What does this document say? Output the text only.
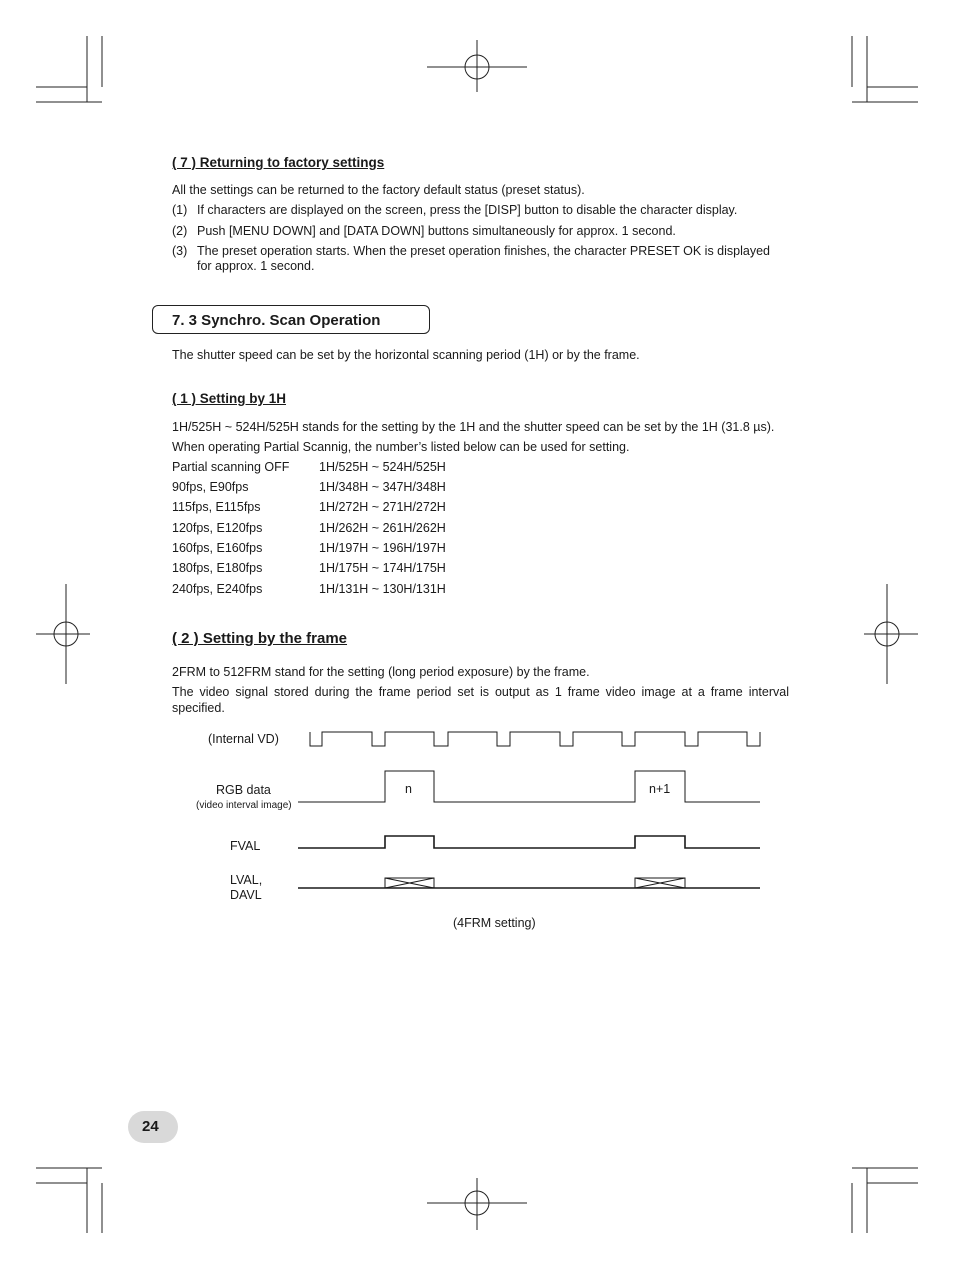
( 7 ) Returning to factory settings
All the settings can be returned to the factory default status (preset status).
(1) If characters are displayed on the screen, press the [DISP] button to disable the character display.
(2) Push [MENU DOWN] and [DATA DOWN] buttons simultaneously for approx. 1 second.
(3) The preset operation starts. When the preset operation finishes, the character PRESET OK is displayed
for approx. 1 second.
7. 3 Synchro. Scan Operation
The shutter speed can be set by the horizontal scanning period (1H) or by the frame.
( 1 ) Setting by 1H
1H/525H ~ 524H/525H stands for the setting by the 1H and the shutter speed can be set by the 1H (31.8 µs).
When operating Partial Scannig, the number’s listed below can be used for setting.
Partial scanning OFF 1H/525H ~ 524H/525H
90fps, E90fps	1H/348H ~ 347H/348H
115fps, E115fps	1H/272H ~ 271H/272H
120fps, E120fps	1H/262H ~ 261H/262H
160fps, E160fps	1H/197H ~ 196H/197H
180fps, E180fps	1H/175H ~ 174H/175H
240fps, E240fps	1H/131H ~ 130H/131H
( 2 ) Setting by the frame
2FRM to 512FRM stand for the setting (long period exposure) by the frame.
The video signal stored during the frame period set is output as 1 frame video image at a frame interval
specified.
(Internal VD)
RGB data
(video interval image)
FVAL
LVAL,
DAVL
n	n+1
(4FRM setting)
24
